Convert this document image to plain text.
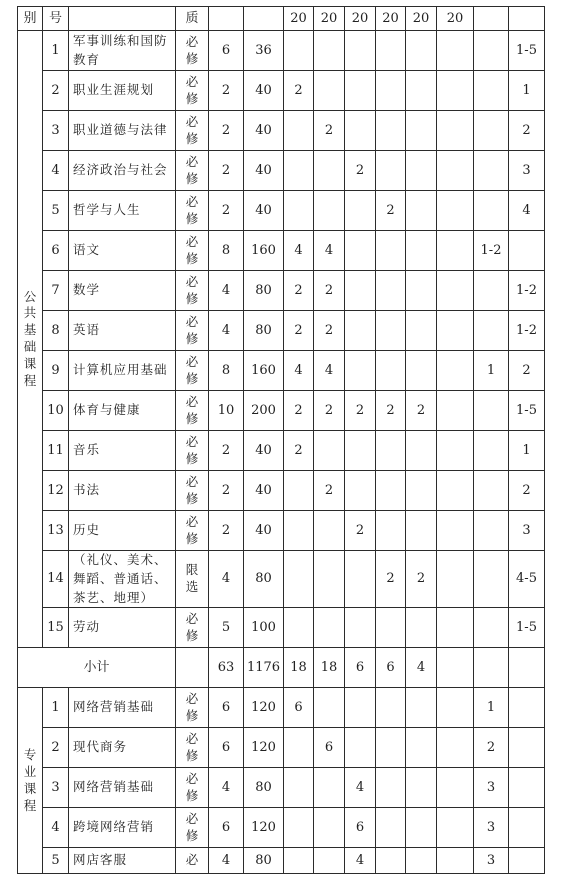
别	号		质			20	20	20	20	20	20		
公共基础课程	1	军事训练和国防教育	必修	6	36								1-5
	2	职业生涯规划	必修	2	40	2							1
	3	职业道德与法律	必修	2	40		2						2
	4	经济政治与社会	必修	2	40			2					3
	5	哲学与人生	必修	2	40				2				4
	6	语文	必修	8	160	4	4					1-2	
	7	数学	必修	4	80	2	2						1-2
	8	英语	必修	4	80	2	2						1-2
	9	计算机应用基础	必修	8	160	4	4					1	2
	10	体育与健康	必修	10	200	2	2	2	2	2			1-5
	11	音乐	必修	2	40	2							1
	12	书法	必修	2	40		2						2
	13	历史	必修	2	40			2					3
	14	（礼仪、美术、舞蹈、普通话、茶艺、地理）	限选	4	80				2	2			4-5
	15	劳动	必修	5	100								1-5
小计				63	1176	18	18	6	6	4			
专业课程	1	网络营销基础	必修	6	120	6						1	
	2	现代商务	必修	6	120		6					2	
	3	网络营销基础	必修	4	80			4				3	
	4	跨境网络营销	必修	6	120			6				3	
	5	网店客服	必	4	80			4				3	
